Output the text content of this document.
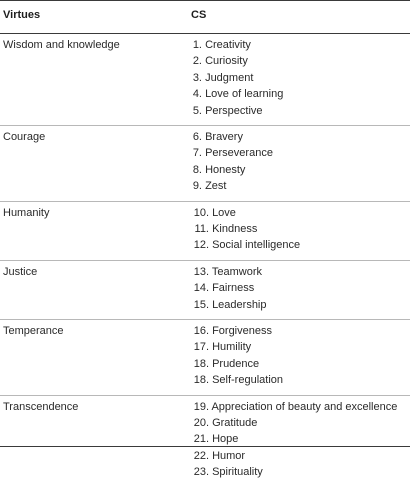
Virtues	CS
Wisdom and knowledge	1. Creativity
2. Curiosity
3. Judgment
4. Love of learning
5. Perspective
Courage	6. Bravery
7. Perseverance
8. Honesty
9. Zest
Humanity	10. Love
11. Kindness
12. Social intelligence
Justice	13. Teamwork
14. Fairness
15. Leadership
Temperance	16. Forgiveness
17. Humility
18. Prudence
18. Self-regulation
Transcendence	19. Appreciation of beauty and excellence
20. Gratitude
21. Hope
22. Humor
23. Spirituality
